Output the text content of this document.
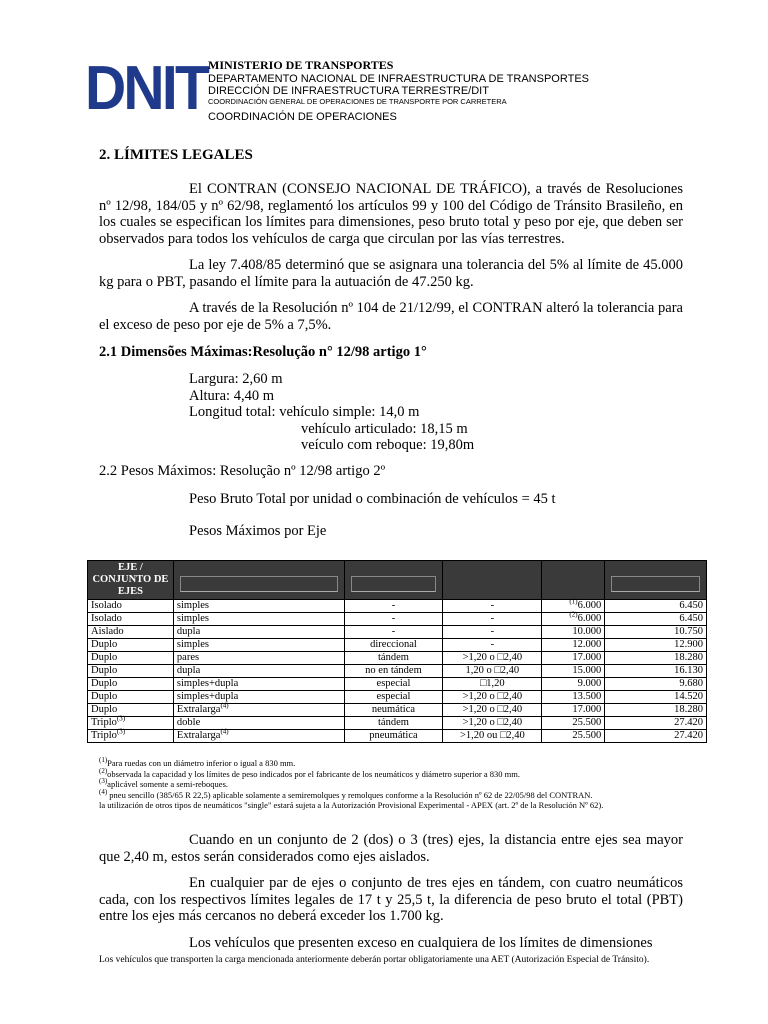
DNIT MINISTERIO DE TRANSPORTES
DEPARTAMENTO NACIONAL DE INFRAESTRUCTURA DE TRANSPORTES
DIRECCIÓN DE INFRAESTRUCTURA TERRESTRE/DIT
COORDINACIÓN GENERAL DE OPERACIONES DE TRANSPORTE POR CARRETERA
COORDINACIÓN DE OPERACIONES
2. LÍMITES LEGALES

El CONTRAN (CONSEJO NACIONAL DE TRÁFICO), a través de Resoluciones nº 12/98, 184/05 y nº 62/98, reglamentó los artículos 99 y 100 del Código de Tránsito Brasileño, en los cuales se especifican los límites para dimensiones, peso bruto total y peso por eje, que deben ser observados para todos los vehículos de carga que circulan por las vías terrestres.

La ley 7.408/85 determinó que se asignara una tolerancia del 5% al límite de 45.000 kg para o PBT, pasando el límite para la autuación de 47.250 kg.

A través de la Resolución nº 104 de 21/12/99, el CONTRAN alteró la tolerancia para el exceso de peso por eje de 5% a 7,5%.

2.1 Dimensões Máximas:Resolução n° 12/98 artigo 1°
Largura: 2,60 m
Altura: 4,40 m
Longitud total: vehículo simple: 14,0 m
vehículo articulado: 18,15 m
veículo com reboque: 19,80m
2.2 Pesos Máximos: Resolução nº 12/98 artigo 2º
Peso Bruto Total por unidad o combinación de vehículos = 45 t
Pesos Máximos por Eje
EJE / CONJUNTO DE EJES	

Isolado	simples	-	-	$^{(1)}$6.000	6.450
Isolado	simples	-	-	$^{(2)}$6.000	6.450
Aislado	dupla	-	-	10.000	10.750
Duplo	simples	direccional	-	12.000	12.900
Duplo	pares	tándem	>1,20 o □2,40	17.000	18.280
Duplo	dupla	no en tándem	1,20 o □2,40	15.000	16.130
Duplo	simples+dupla	especial	□1,20	9.000	9.680
Duplo	simples+dupla	especial	>1,20 o □2,40	13.500	14.520
Duplo	Extralarga$^{(4)}$	neumática	>1,20 o □2,40	17.000	18.280
Triplo$^{(3)}$	doble	tándem	>1,20 o □2,40	25.500	27.420
Triplo$^{(3)}$	Extralarga$^{(4)}$	pneumática	>1,20 ou □2,40	25.500	27.420
$^{(1)}$Para ruedas con un diámetro inferior o igual a 830 mm.
$^{(2)}$observada la capacidad y los límites de peso indicados por el fabricante de los neumáticos y diámetro superior a 830 mm.
$^{(3)}$aplicável somente a semi-reboques.
$^{(4)}$ pneu sencillo (385/65 R 22,5) aplicable solamente a semiremolques y remolques conforme a la Resolución nº 62 de 22/05/98 del CONTRAN.
la utilización de otros tipos de neumáticos "single" estará sujeta a la Autorización Provisional Experimental - APEX (art. 2º de la Resolución Nº 62).

Cuando en un conjunto de 2 (dos) o 3 (tres) ejes, la distancia entre ejes sea mayor que 2,40 m, estos serán considerados como ejes aislados.

En cualquier par de ejes o conjunto de tres ejes en tándem, con cuatro neumáticos cada, con los respectivos límites legales de 17 t y 25,5 t, la diferencia de peso bruto el total (PBT) entre los ejes más cercanos no deberá exceder los 1.700 kg.

Los vehículos que presenten exceso en cualquiera de los límites de dimensiones

Los vehículos que transporten la carga mencionada anteriormente deberán portar obligatoriamente una AET (Autorización Especial de Tránsito).
